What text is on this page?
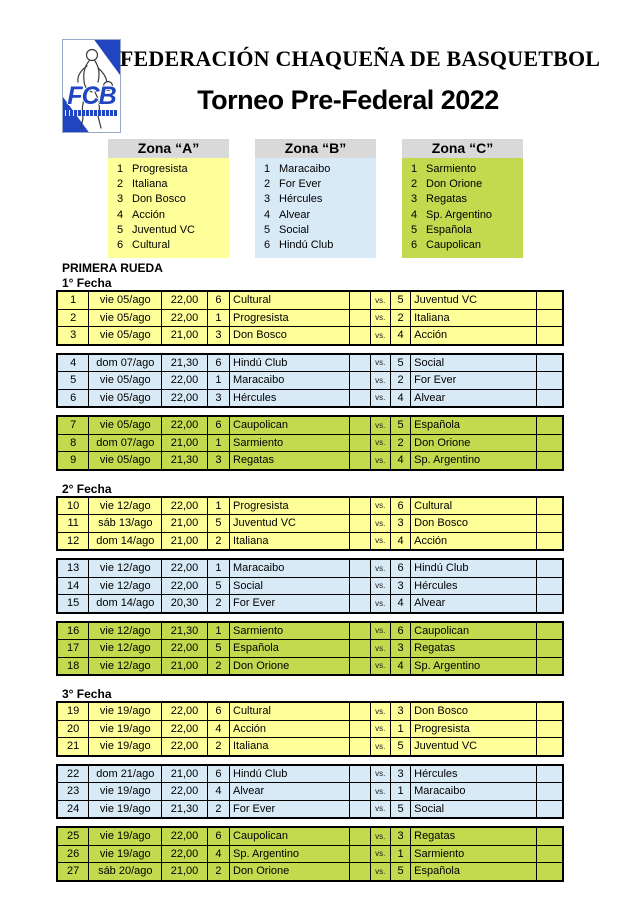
FCB
FEDERACIÓN CHAQUEÑA DE BASQUETBOL
Torneo Pre-Federal 2022
Zona “A”
1 Progresista
2 Italiana
3 Don Bosco
4 Acción
5 Juventud VC
6 Cultural
Zona “B”
1 Maracaibo
2 For Ever
3 Hércules
4 Alvear
5 Social
6 Hindú Club
Zona “C”
1 Sarmiento
2 Don Orione
3 Regatas
4 Sp. Argentino
5 Española
6 Caupolican
PRIMERA RUEDA
1° Fecha
1	vie 05/ago	22,00	6	Cultural		vs.	5	Juventud VC	
2	vie 05/ago	22,00	1	Progresista		vs.	2	Italiana	
3	vie 05/ago	21,00	3	Don Bosco		vs.	4	Acción	
4	dom 07/ago	21,30	6	Hindú Club		vs.	5	Social	
5	vie 05/ago	22,00	1	Maracaibo		vs.	2	For Ever	
6	vie 05/ago	22,00	3	Hércules		vs.	4	Alvear	
7	vie 05/ago	22,00	6	Caupolican		vs.	5	Española	
8	dom 07/ago	21,00	1	Sarmiento		vs.	2	Don Orione	
9	vie 05/ago	21,30	3	Regatas		vs.	4	Sp. Argentino	
2° Fecha
10	vie 12/ago	22,00	1	Progresista		vs.	6	Cultural	
11	sáb 13/ago	21,00	5	Juventud VC		vs.	3	Don Bosco	
12	dom 14/ago	21,00	2	Italiana		vs.	4	Acción	
13	vie 12/ago	22,00	1	Maracaibo		vs.	6	Hindú Club	
14	vie 12/ago	22,00	5	Social		vs.	3	Hércules	
15	dom 14/ago	20,30	2	For Ever		vs.	4	Alvear	
16	vie 12/ago	21,30	1	Sarmiento		vs.	6	Caupolican	
17	vie 12/ago	22,00	5	Española		vs.	3	Regatas	
18	vie 12/ago	21,00	2	Don Orione		vs.	4	Sp. Argentino	
3° Fecha
19	vie 19/ago	22,00	6	Cultural		vs.	3	Don Bosco	
20	vie 19/ago	22,00	4	Acción		vs.	1	Progresista	
21	vie 19/ago	22,00	2	Italiana		vs.	5	Juventud VC	
22	dom 21/ago	21,00	6	Hindú Club		vs.	3	Hércules	
23	vie 19/ago	22,00	4	Alvear		vs.	1	Maracaibo	
24	vie 19/ago	21,30	2	For Ever		vs.	5	Social	
25	vie 19/ago	22,00	6	Caupolican		vs.	3	Regatas	
26	vie 19/ago	22,00	4	Sp. Argentino		vs.	1	Sarmiento	
27	sáb 20/ago	21,00	2	Don Orione		vs.	5	Española	
